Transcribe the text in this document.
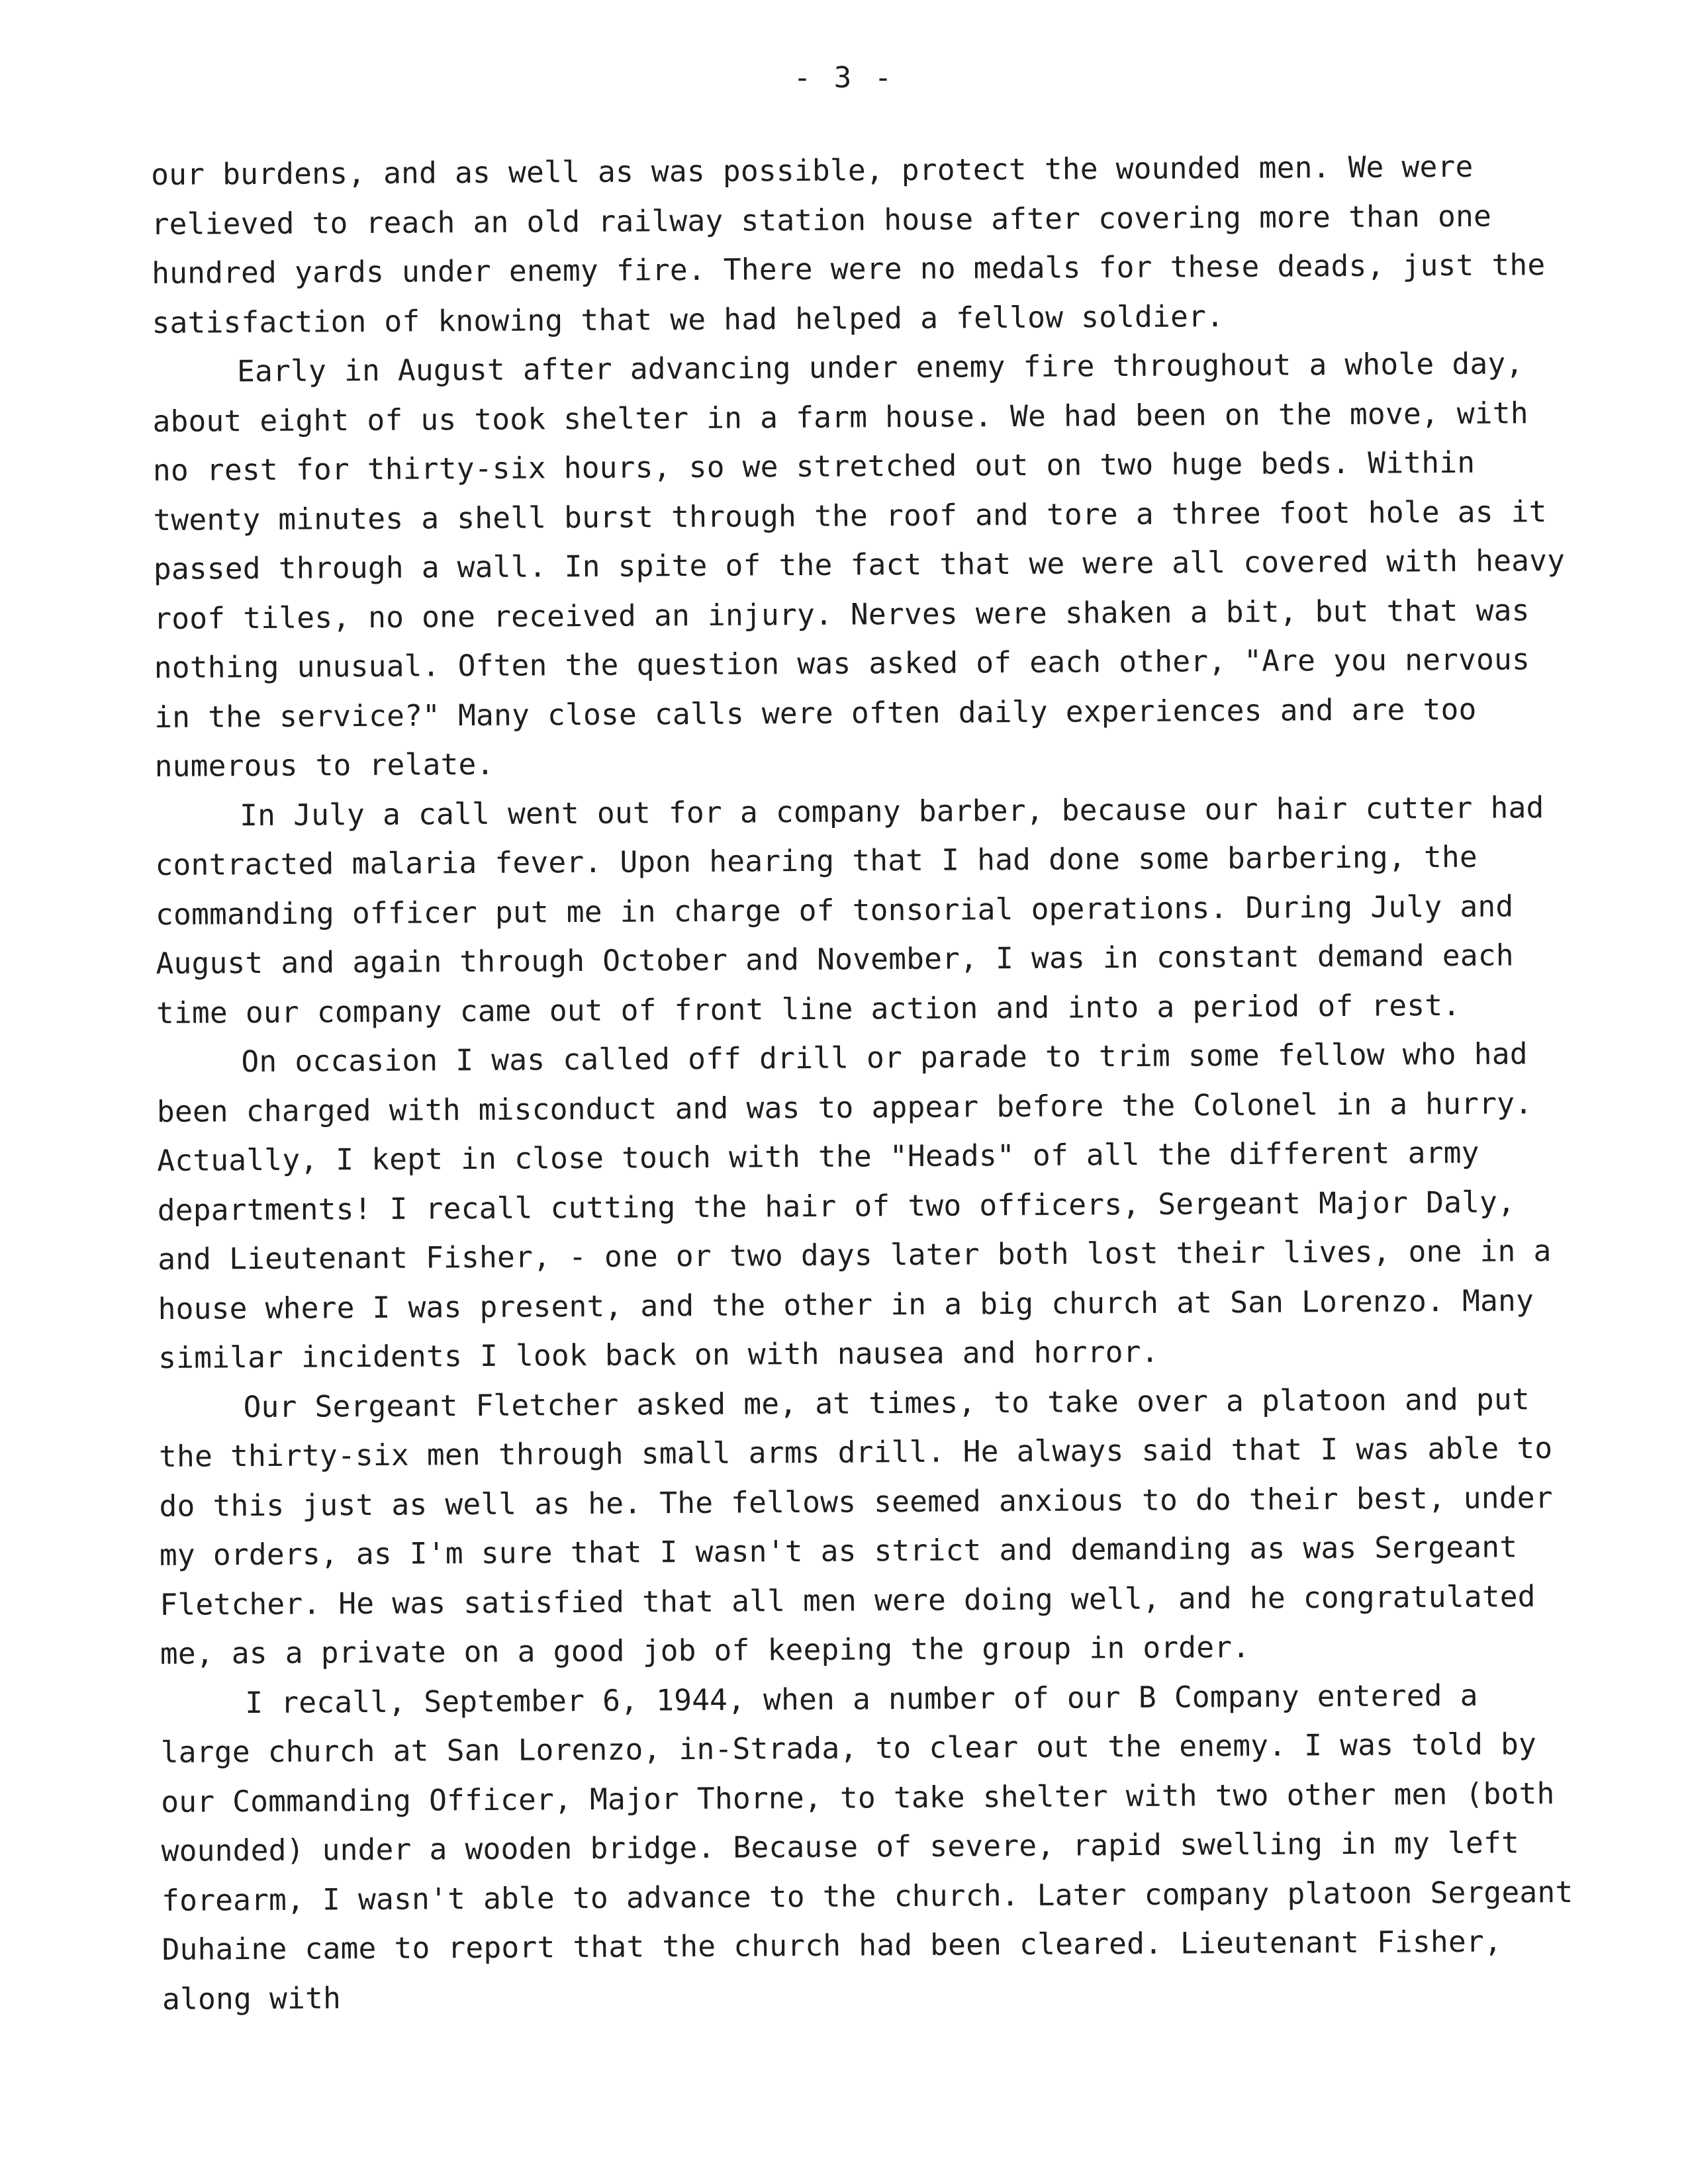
- 3 -

our burdens, and as well as was possible, protect the wounded men. We were relieved to reach an old railway station house after covering more than one hundred yards under enemy fire. There were no medals for these deads, just the satisfaction of knowing that we had helped a fellow soldier.

Early in August after advancing under enemy fire throughout a whole day, about eight of us took shelter in a farm house. We had been on the move, with no rest for thirty-six hours, so we stretched out on two huge beds. Within twenty minutes a shell burst through the roof and tore a three foot hole as it passed through a wall. In spite of the fact that we were all covered with heavy roof tiles, no one received an injury. Nerves were shaken a bit, but that was nothing unusual. Often the question was asked of each other, "Are you nervous in the service?" Many close calls were often daily experiences and are too numerous to relate.

In July a call went out for a company barber, because our hair cutter had contracted malaria fever. Upon hearing that I had done some barbering, the commanding officer put me in charge of tonsorial operations. During July and August and again through October and November, I was in constant demand each time our company came out of front line action and into a period of rest.

On occasion I was called off drill or parade to trim some fellow who had been charged with misconduct and was to appear before the Colonel in a hurry. Actually, I kept in close touch with the "Heads" of all the different army departments! I recall cutting the hair of two officers, Sergeant Major Daly, and Lieutenant Fisher, - one or two days later both lost their lives, one in a house where I was present, and the other in a big church at San Lorenzo. Many similar incidents I look back on with nausea and horror.

Our Sergeant Fletcher asked me, at times, to take over a platoon and put the thirty-six men through small arms drill. He always said that I was able to do this just as well as he. The fellows seemed anxious to do their best, under my orders, as I'm sure that I wasn't as strict and demanding as was Sergeant Fletcher. He was satisfied that all men were doing well, and he congratulated me, as a private on a good job of keeping the group in order.

I recall, September 6, 1944, when a number of our B Company entered a large church at San Lorenzo, in-Strada, to clear out the enemy. I was told by our Commanding Officer, Major Thorne, to take shelter with two other men (both wounded) under a wooden bridge. Because of severe, rapid swelling in my left forearm, I wasn't able to advance to the church. Later company platoon Sergeant Duhaine came to report that the church had been cleared. Lieutenant Fisher, along with
